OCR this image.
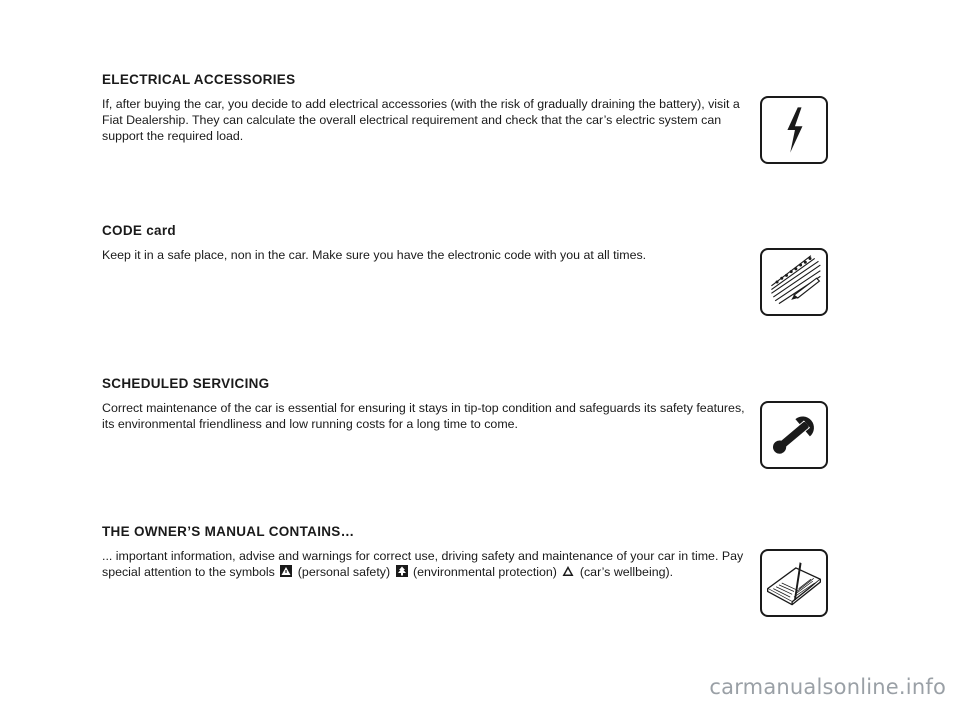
ELECTRICAL ACCESSORIES

If, after buying the car, you decide to add electrical accessories (with the risk of gradually draining the battery), visit a Fiat Dealership. They can calculate the overall electrical requirement and check that the car’s electric system can support the required load.

CODE card

Keep it in a safe place, non in the car. Make sure you have the electronic code with you at all times.

SCHEDULED SERVICING

Correct maintenance of the car is essential for ensuring it stays in tip-top condition and safeguards its safety features, its environmental friendliness and low running costs for a long time to come.

THE OWNER’S MANUAL CONTAINS…

... important information, advise and warnings for correct use, driving safety and maintenance of your car in time. Pay special attention to the symbols (personal safety) (environmental protection) (car’s wellbeing).

carmanualsonline.info
